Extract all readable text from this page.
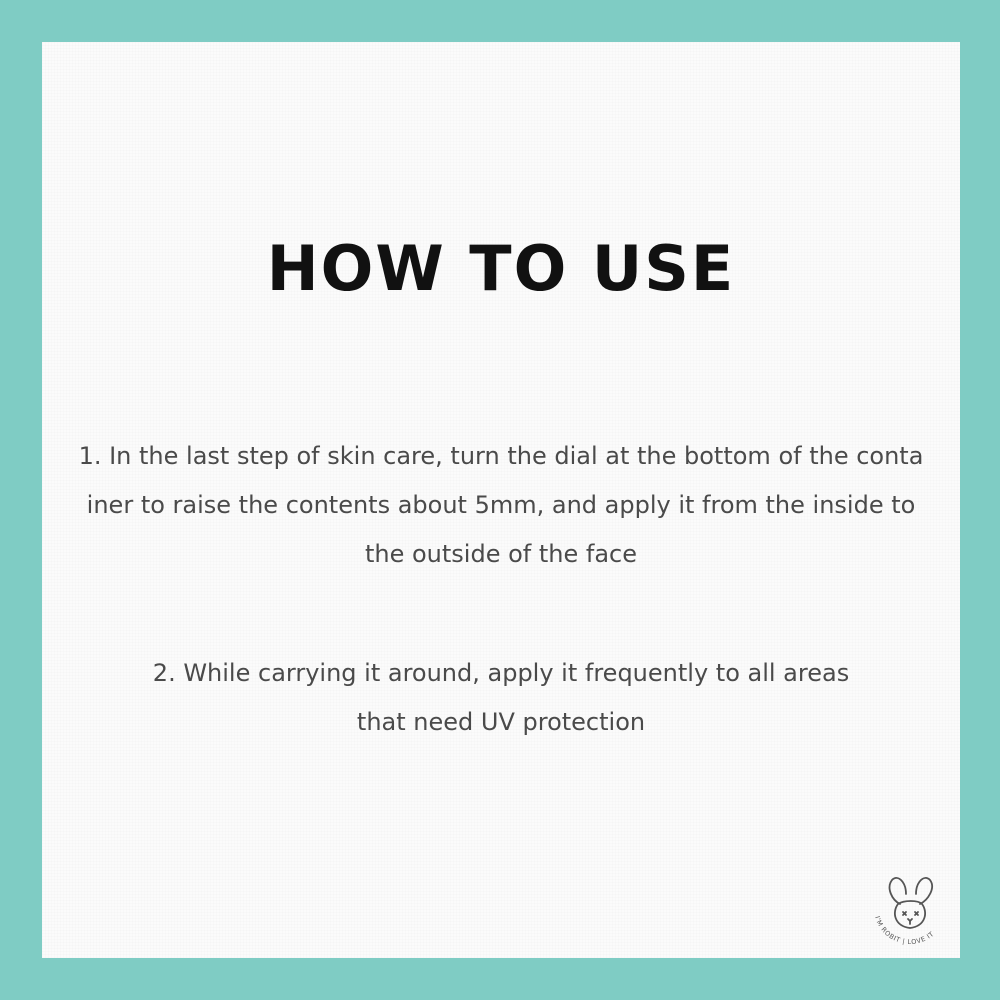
HOW TO USE

1. In the last step of skin care, turn the dial at the bottom of the conta
iner to raise the contents about 5mm, and apply it from the inside to
the outside of the face

2. While carrying it around, apply it frequently to all areas
that need UV protection

I'M ROBIT | LOVE IT
